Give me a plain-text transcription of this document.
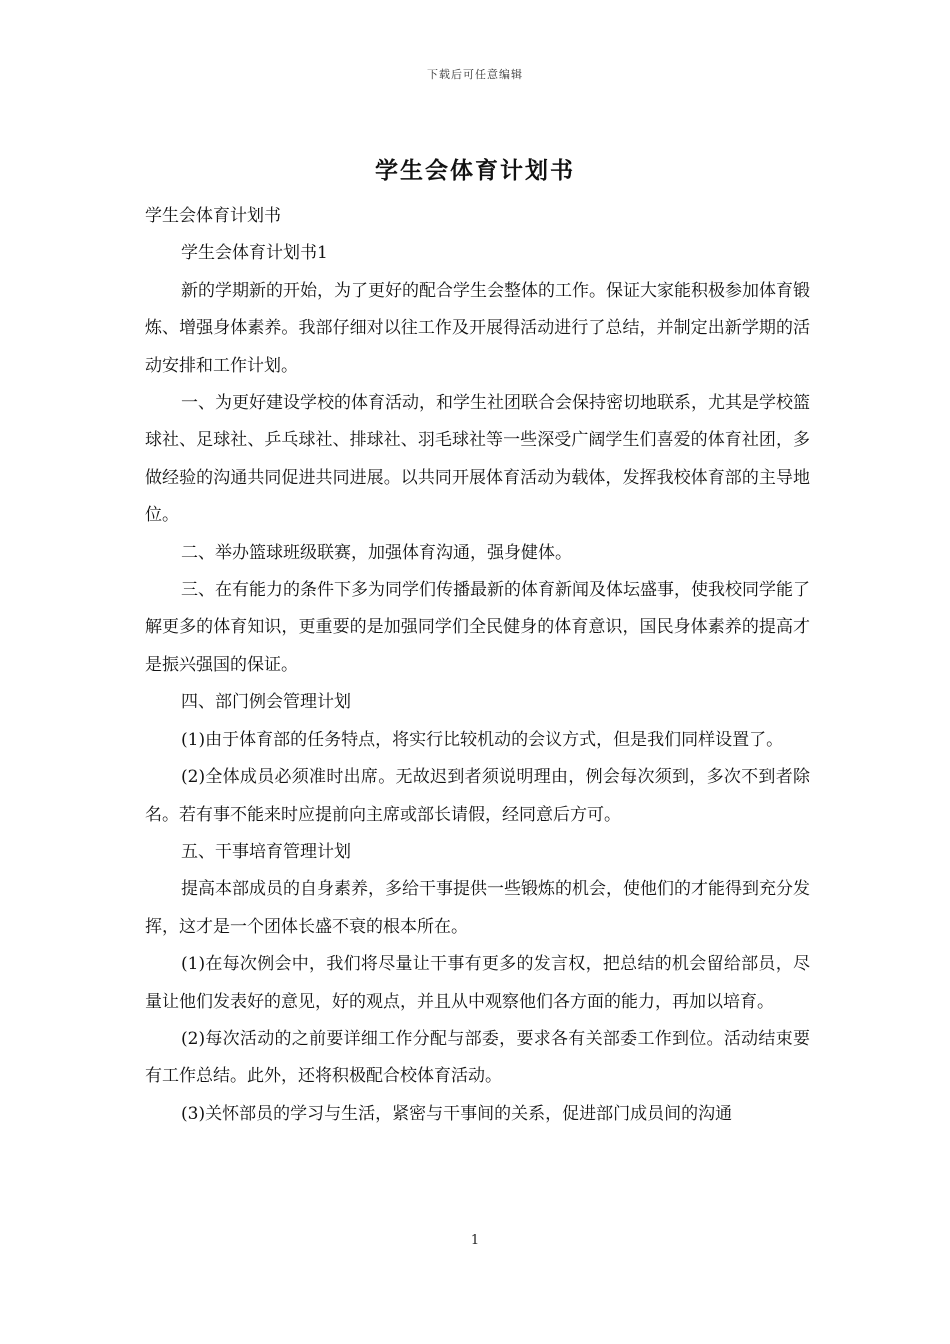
下载后可任意编辑
学生会体育计划书

学生会体育计划书

学生会体育计划书1

新的学期新的开始，为了更好的配合学生会整体的工作。保证大家能积极参加体育锻炼、增强身体素养。我部仔细对以往工作及开展得活动进行了总结，并制定出新学期的活动安排和工作计划。

一、为更好建设学校的体育活动，和学生社团联合会保持密切地联系，尤其是学校篮球社、足球社、乒乓球社、排球社、羽毛球社等一些深受广阔学生们喜爱的体育社团，多做经验的沟通共同促进共同进展。以共同开展体育活动为载体，发挥我校体育部的主导地位。

二、举办篮球班级联赛，加强体育沟通，强身健体。

三、在有能力的条件下多为同学们传播最新的体育新闻及体坛盛事，使我校同学能了解更多的体育知识，更重要的是加强同学们全民健身的体育意识，国民身体素养的提高才是振兴强国的保证。

四、部门例会管理计划

(1)由于体育部的任务特点，将实行比较机动的会议方式，但是我们同样设置了。

(2)全体成员必须准时出席。无故迟到者须说明理由，例会每次须到，多次不到者除名。若有事不能来时应提前向主席或部长请假，经同意后方可。

五、干事培育管理计划

提高本部成员的自身素养，多给干事提供一些锻炼的机会，使他们的才能得到充分发挥，这才是一个团体长盛不衰的根本所在。

(1)在每次例会中，我们将尽量让干事有更多的发言权，把总结的机会留给部员，尽量让他们发表好的意见，好的观点，并且从中观察他们各方面的能力，再加以培育。

(2)每次活动的之前要详细工作分配与部委，要求各有关部委工作到位。活动结束要有工作总结。此外，还将积极配合校体育活动。

(3)关怀部员的学习与生活，紧密与干事间的关系，促进部门成员间的沟通

1
